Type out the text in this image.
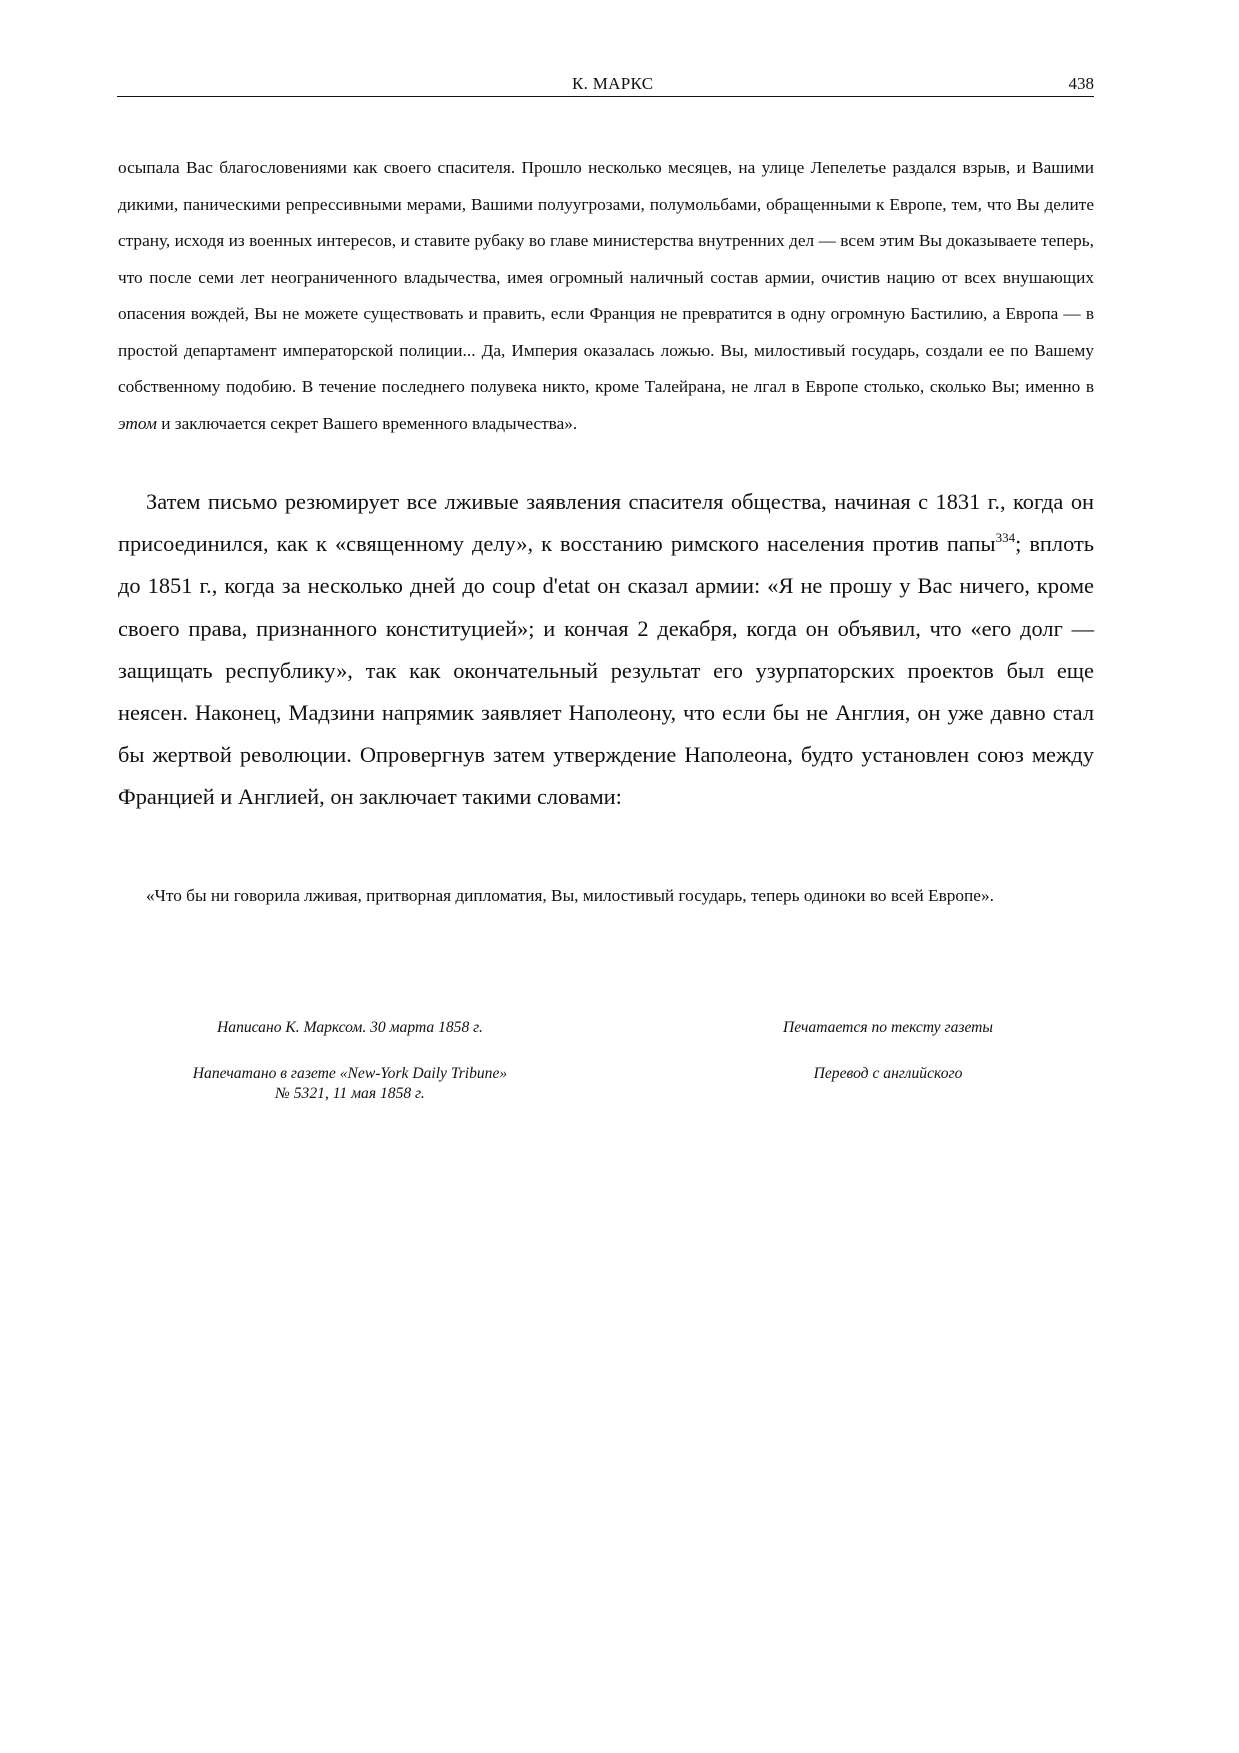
К. МАРКС	438
осыпала Вас благословениями как своего спасителя. Прошло несколько месяцев, на улице Лепелетье раздался взрыв, и Вашими дикими, паническими репрессивными мерами, Вашими полуугрозами, полумольбами, обращенными к Европе, тем, что Вы делите страну, исходя из военных интересов, и ставите рубаку во главе министерства внутренних дел — всем этим Вы доказываете теперь, что после семи лет неограниченного владычества, имея огромный наличный состав армии, очистив нацию от всех внушающих опасения вождей, Вы не можете существовать и править, если Франция не превратится в одну огромную Бастилию, а Европа — в простой департамент императорской полиции... Да, Империя оказалась ложью. Вы, милостивый государь, создали ее по Вашему собственному подобию. В течение последнего полувека никто, кроме Талейрана, не лгал в Европе столько, сколько Вы; именно в этом и заключается секрет Вашего временного владычества».
Затем письмо резюмирует все лживые заявления спасителя общества, начиная с 1831 г., когда он присоединился, как к «священному делу», к восстанию римского населения против папы$^{334}$; вплоть до 1851 г., когда за несколько дней до coup d'etat он сказал армии: «Я не прошу у Вас ничего, кроме своего права, признанного конституцией»; и кончая 2 декабря, когда он объявил, что «его долг — защищать республику», так как окончательный результат его узурпаторских проектов был еще неясен. Наконец, Мадзини напрямик заявляет Наполеону, что если бы не Англия, он уже давно стал бы жертвой революции. Опровергнув затем утверждение Наполеона, будто установлен союз между Францией и Англией, он заключает такими словами:
«Что бы ни говорила лживая, притворная дипломатия, Вы, милостивый государь, теперь одиноки во всей Европе».
Написано К. Марксом. 30 марта 1858 г.
Напечатано в газете «New-York Daily Tribune»
№ 5321, 11 мая 1858 г.
Печатается по тексту газеты
Перевод с английского
